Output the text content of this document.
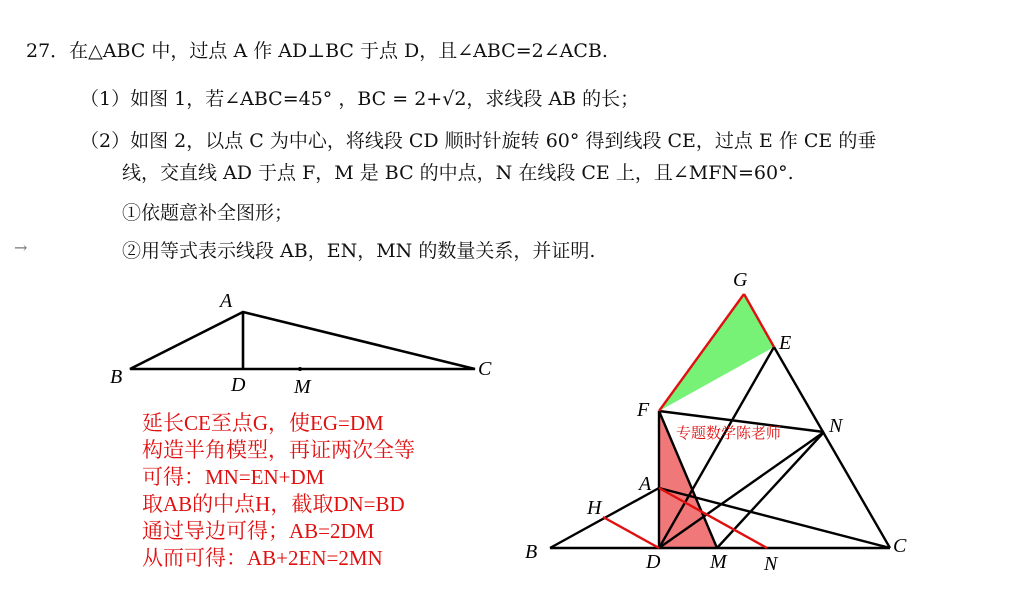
27．在△ABC 中，过点 A 作 AD⊥BC 于点 D，且∠ABC=2∠ACB.
（1）如图 1，若∠ABC=45° ，BC = 2+√2，求线段 AB 的长；
（2）如图 2，以点 C 为中心，将线段 CD 顺时针旋转 60° 得到线段 CE，过点 E 作 CE 的垂
线，交直线 AD 于点 F，M 是 BC 的中点，N 在线段 CE 上，且∠MFN=60°.
①依题意补全图形；
②用等式表示线段 AB，EN，MN 的数量关系，并证明.
→
A
B	D M
C
延长CE至点G，使EG=DM
构造半角模型，再证两次全等
可得：MN=EN+DM
取AB的中点H，截取DN=BD
通过导边可得；AB=2DM
从而可得：AB+2EN=2MN
专题数学陈老师
G
E
F
N
A
H
B	D M N
C
